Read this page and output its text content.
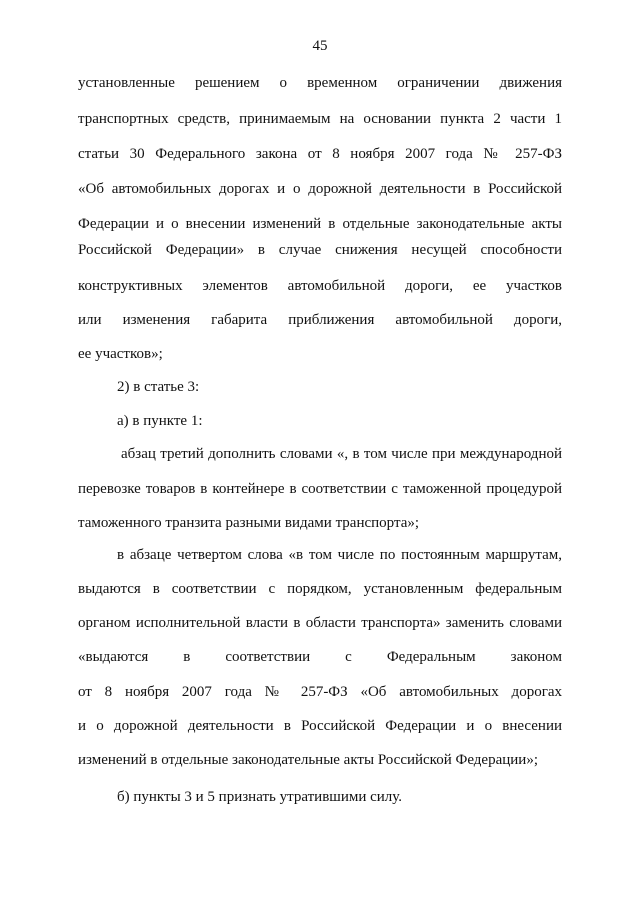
45
установленные решением о временном ограничении движения
транспортных средств, принимаемым на основании пункта 2 части 1
статьи 30 Федерального закона от 8 ноября 2007 года № 257-ФЗ
«Об автомобильных дорогах и о дорожной деятельности в Российской
Федерации и о внесении изменений в отдельные законодательные акты
Российской Федерации» в случае снижения несущей способности
конструктивных элементов автомобильной дороги, ее участков
или изменения габарита приближения автомобильной дороги,
ее участков»;
2) в статье 3:
а) в пункте 1:
абзац третий дополнить словами «, в том числе при международной
перевозке товаров в контейнере в соответствии с таможенной процедурой
таможенного транзита разными видами транспорта»;
в абзаце четвертом слова «в том числе по постоянным маршрутам,
выдаются в соответствии с порядком, установленным федеральным
органом исполнительной власти в области транспорта» заменить словами
«выдаются в соответствии с Федеральным законом
от 8 ноября 2007 года № 257-ФЗ «Об автомобильных дорогах
и о дорожной деятельности в Российской Федерации и о внесении
изменений в отдельные законодательные акты Российской Федерации»;
б) пункты 3 и 5 признать утратившими силу.
